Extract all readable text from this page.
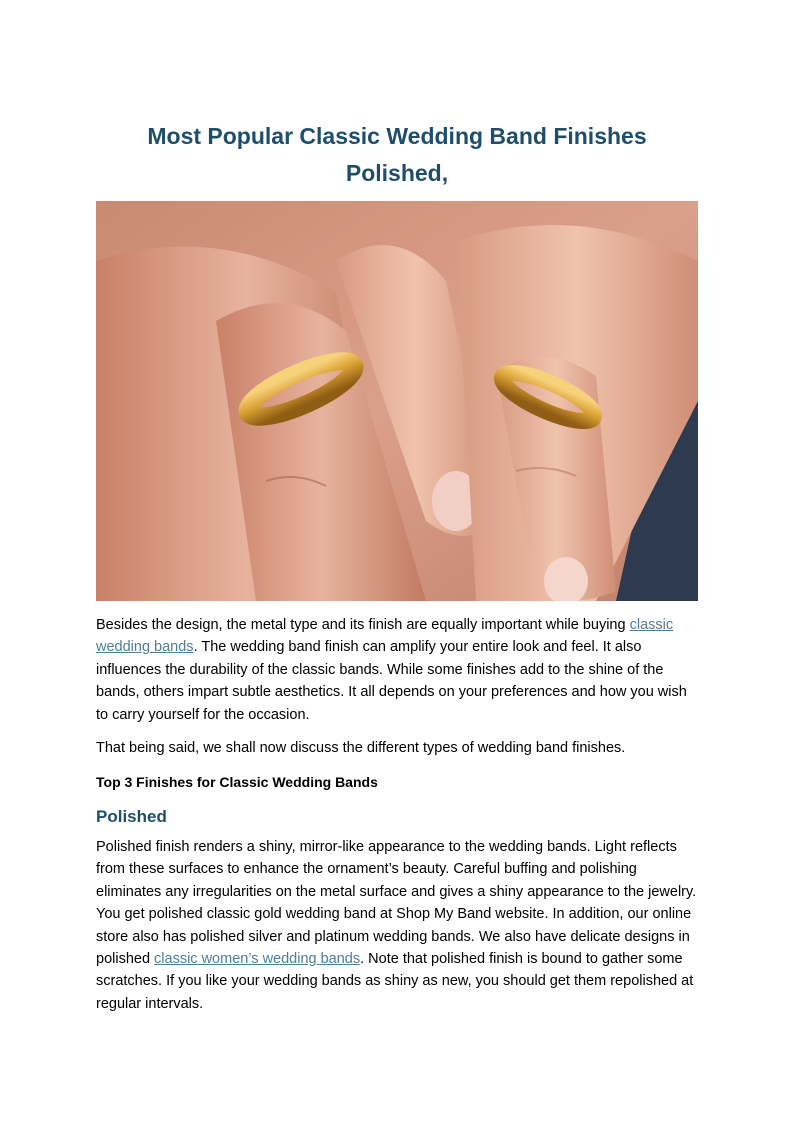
Most Popular Classic Wedding Band Finishes Polished,

Besides the design, the metal type and its finish are equally important while buying classic wedding bands. The wedding band finish can amplify your entire look and feel. It also influences the durability of the classic bands. While some finishes add to the shine of the bands, others impart subtle aesthetics. It all depends on your preferences and how you wish to carry yourself for the occasion.

That being said, we shall now discuss the different types of wedding band finishes.

Top 3 Finishes for Classic Wedding Bands

Polished

Polished finish renders a shiny, mirror-like appearance to the wedding bands. Light reflects from these surfaces to enhance the ornament’s beauty. Careful buffing and polishing eliminates any irregularities on the metal surface and gives a shiny appearance to the jewelry. You get polished classic gold wedding band at Shop My Band website. In addition, our online store also has polished silver and platinum wedding bands. We also have delicate designs in polished classic women’s wedding bands. Note that polished finish is bound to gather some scratches. If you like your wedding bands as shiny as new, you should get them repolished at regular intervals.
